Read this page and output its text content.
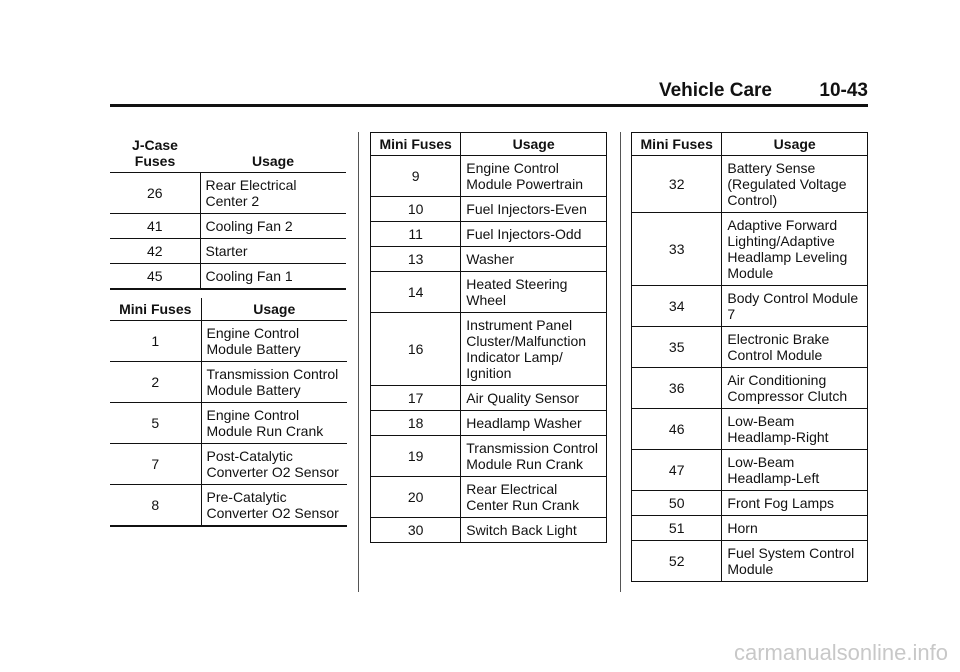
Vehicle Care 10-43
J-Case Fuses	Usage
26	Rear Electrical Center 2
41	Cooling Fan 2
42	Starter
45	Cooling Fan 1
Mini Fuses	Usage
1	Engine Control Module Battery
2	Transmission Control Module Battery
5	Engine Control Module Run Crank
7	Post-Catalytic Converter O2 Sensor
8	Pre-Catalytic Converter O2 Sensor
Mini Fuses	Usage
9	Engine Control Module Powertrain
10	Fuel Injectors-Even
11	Fuel Injectors-Odd
13	Washer
14	Heated Steering Wheel
16	Instrument Panel Cluster/Malfunction Indicator Lamp/ Ignition
17	Air Quality Sensor
18	Headlamp Washer
19	Transmission Control Module Run Crank
20	Rear Electrical Center Run Crank
30	Switch Back Light
Mini Fuses	Usage
32	Battery Sense (Regulated Voltage Control)
33	Adaptive Forward Lighting/Adaptive Headlamp Leveling Module
34	Body Control Module 7
35	Electronic Brake Control Module
36	Air Conditioning Compressor Clutch
46	Low-Beam Headlamp-Right
47	Low-Beam Headlamp-Left
50	Front Fog Lamps
51	Horn
52	Fuel System Control Module
carmanualsonline.info
